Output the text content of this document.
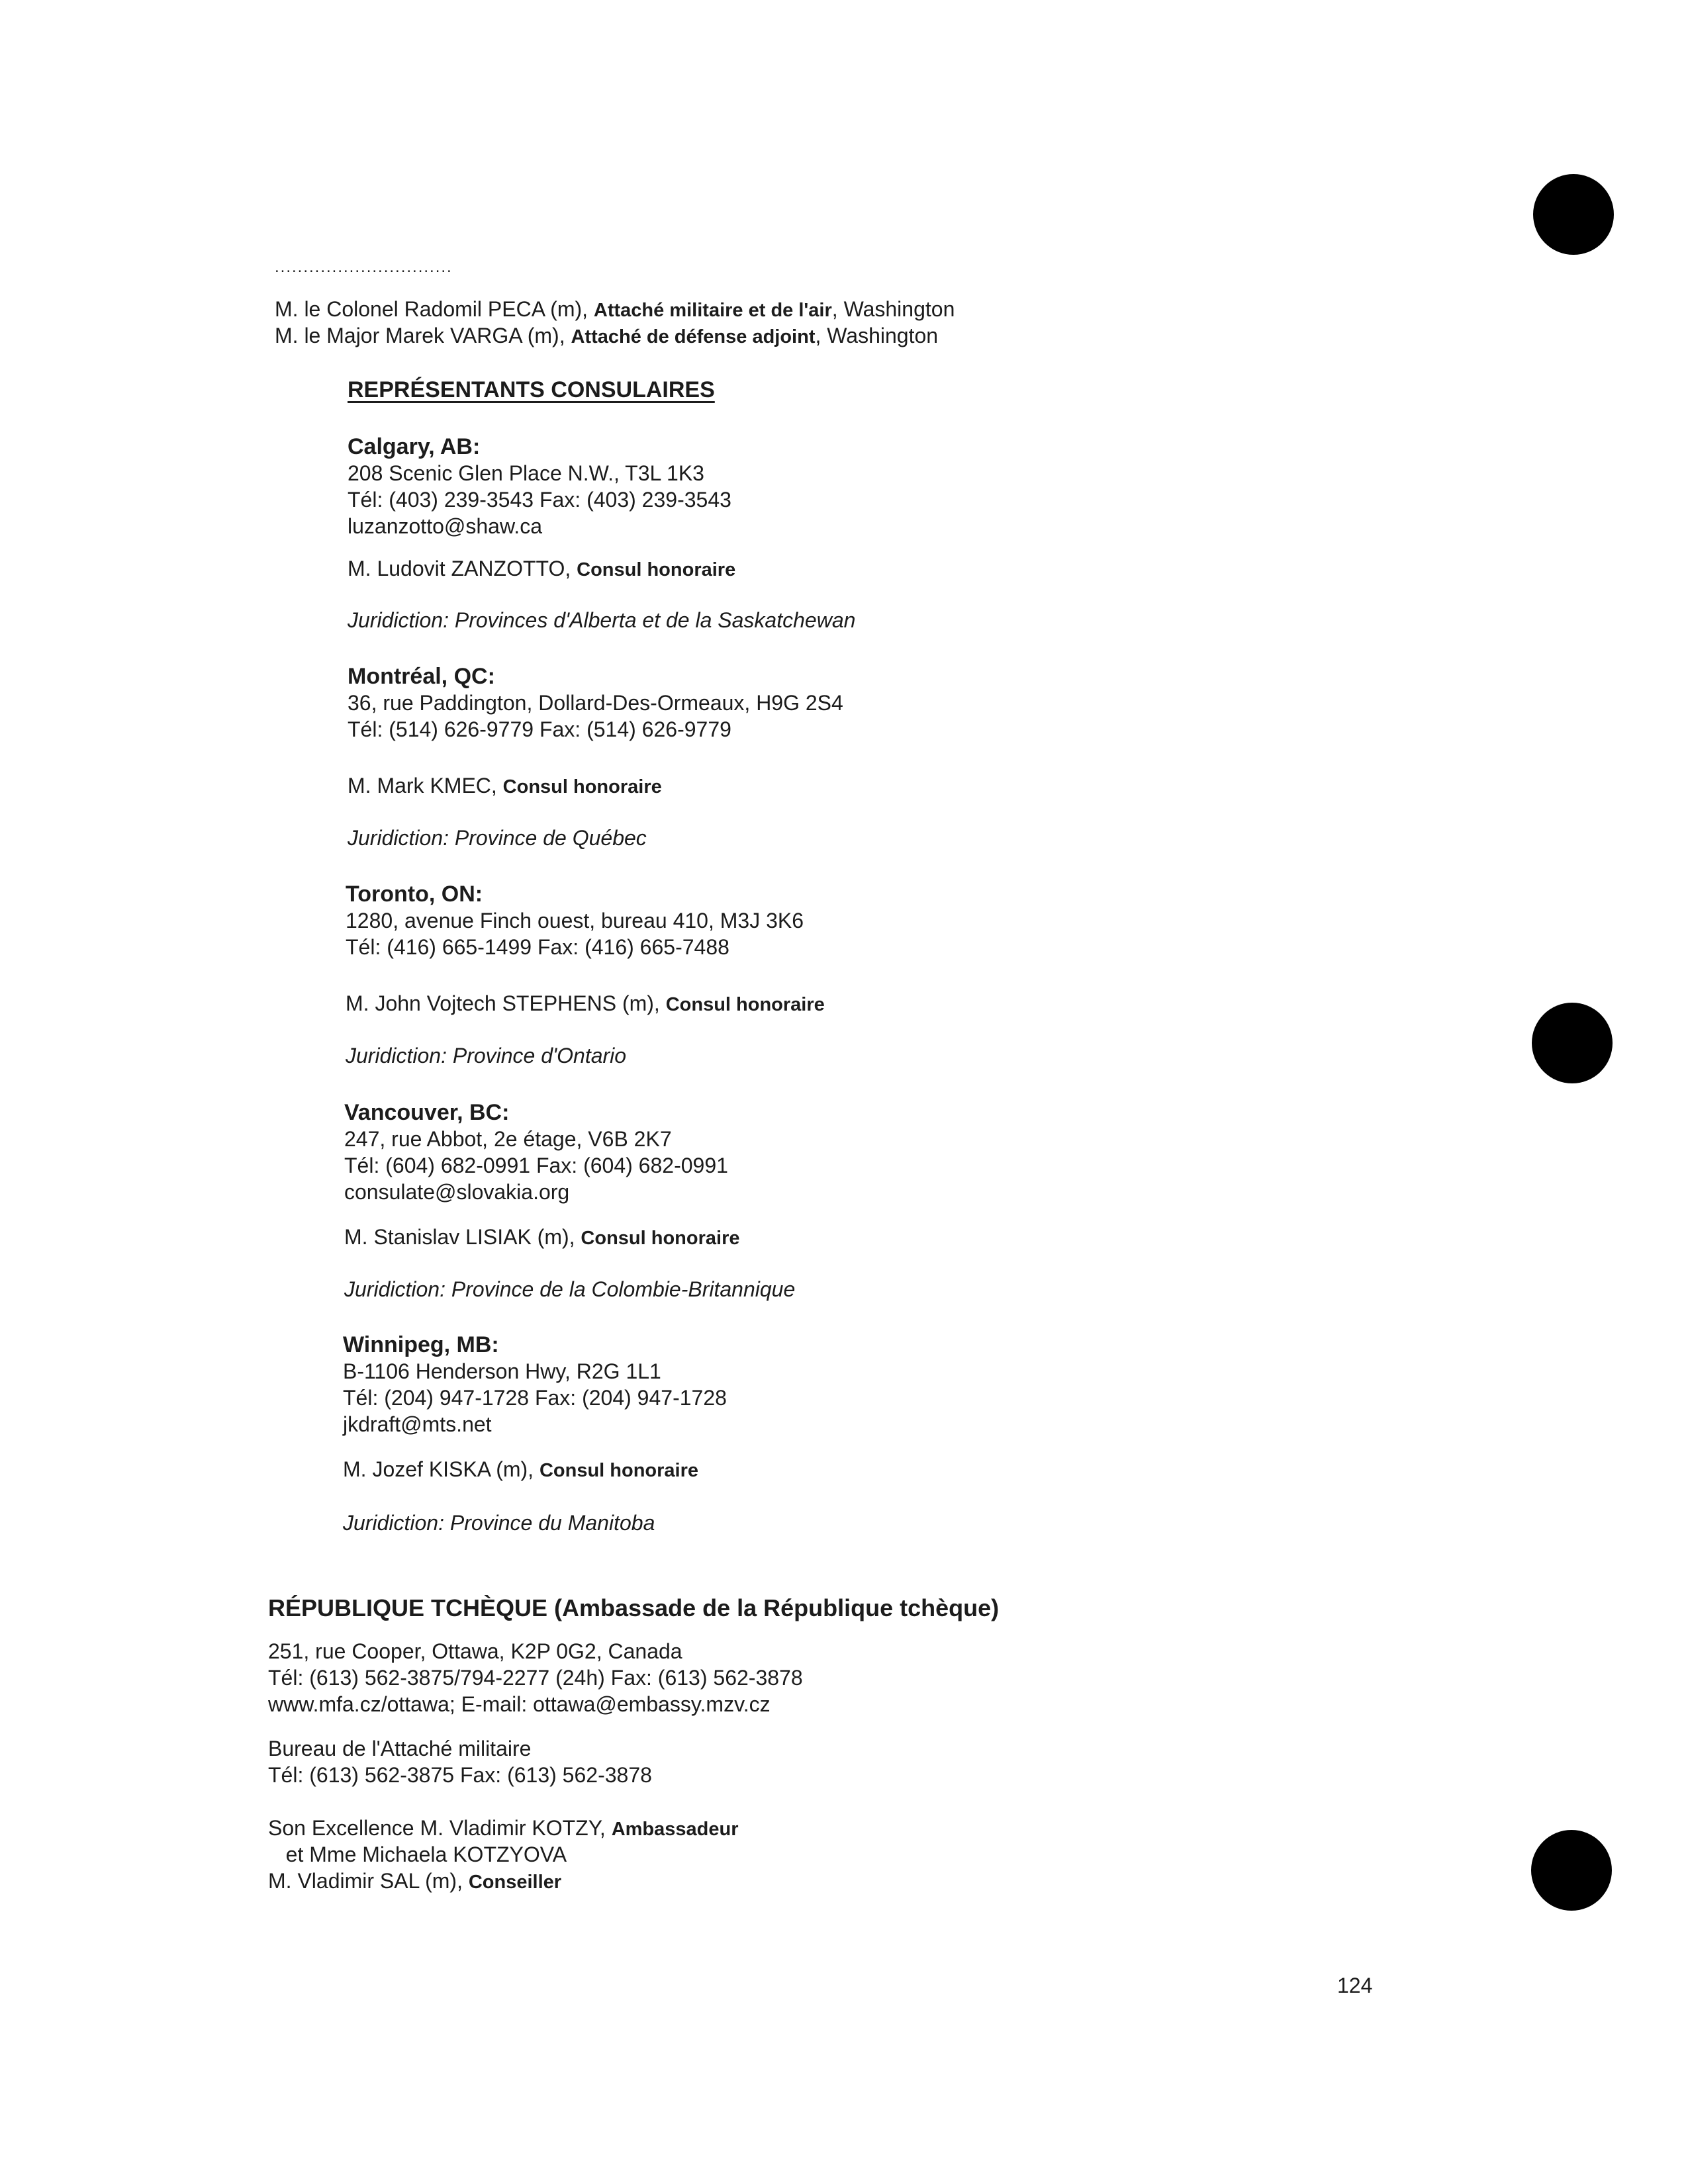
...............................
M. le Colonel Radomil PECA (m), Attaché militaire et de l'air, Washington
M. le Major Marek VARGA (m), Attaché de défense adjoint, Washington
REPRÉSENTANTS CONSULAIRES
Calgary, AB:
208 Scenic Glen Place N.W., T3L 1K3
Tél: (403) 239-3543 Fax: (403) 239-3543
luzanzotto@shaw.ca
M. Ludovit ZANZOTTO, Consul honoraire
Juridiction: Provinces d'Alberta et de la Saskatchewan
Montréal, QC:
36, rue Paddington, Dollard-Des-Ormeaux, H9G 2S4
Tél: (514) 626-9779 Fax: (514) 626-9779
M. Mark KMEC, Consul honoraire
Juridiction: Province de Québec
Toronto, ON:
1280, avenue Finch ouest, bureau 410, M3J 3K6
Tél: (416) 665-1499 Fax: (416) 665-7488
M. John Vojtech STEPHENS (m), Consul honoraire
Juridiction: Province d'Ontario
Vancouver, BC:
247, rue Abbot, 2e étage, V6B 2K7
Tél: (604) 682-0991 Fax: (604) 682-0991
consulate@slovakia.org
M. Stanislav LISIAK (m), Consul honoraire
Juridiction: Province de la Colombie-Britannique
Winnipeg, MB:
B-1106 Henderson Hwy, R2G 1L1
Tél: (204) 947-1728 Fax: (204) 947-1728
jkdraft@mts.net
M. Jozef KISKA (m), Consul honoraire
Juridiction: Province du Manitoba
RÉPUBLIQUE TCHÈQUE (Ambassade de la République tchèque)
251, rue Cooper, Ottawa, K2P 0G2, Canada
Tél: (613) 562-3875/794-2277 (24h) Fax: (613) 562-3878
www.mfa.cz/ottawa; E-mail: ottawa@embassy.mzv.cz
Bureau de l'Attaché militaire
Tél: (613) 562-3875 Fax: (613) 562-3878
Son Excellence M. Vladimir KOTZY, Ambassadeur
et Mme Michaela KOTZYOVA
M. Vladimir SAL (m), Conseiller
124
